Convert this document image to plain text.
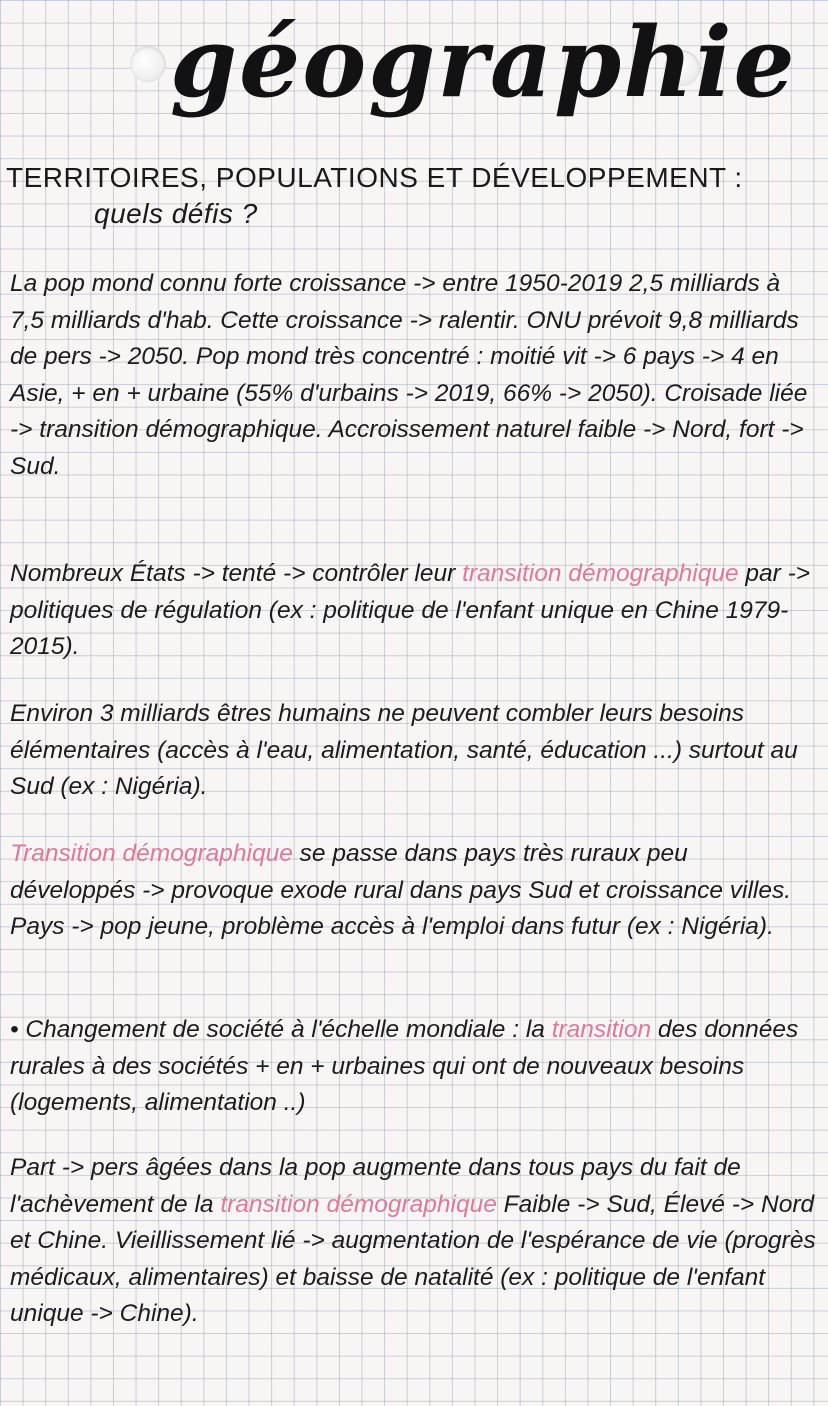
géographie
TERRITOIRES, POPULATIONS ET DÉVELOPPEMENT :
quels défis ?

La pop mond connu forte croissance -> entre 1950-2019 2,5 milliards à 7,5 milliards d'hab. Cette croissance -> ralentir. ONU prévoit 9,8 milliards de pers -> 2050. Pop mond très concentré : moitié vit -> 6 pays -> 4 en Asie, + en + urbaine (55% d'urbains -> 2019, 66% -> 2050). Croisade liée -> transition démographique. Accroissement naturel faible -> Nord, fort -> Sud.

Nombreux États -> tenté -> contrôler leur transition démographique par -> politiques de régulation (ex : politique de l'enfant unique en Chine 1979-2015).

Environ 3 milliards êtres humains ne peuvent combler leurs besoins élémentaires (accès à l'eau, alimentation, santé, éducation ...) surtout au Sud (ex : Nigéria).

Transition démographique se passe dans pays très ruraux peu développés -> provoque exode rural dans pays Sud et croissance villes. Pays -> pop jeune, problème accès à l'emploi dans futur (ex : Nigéria).

• Changement de société à l'échelle mondiale : la transition des données rurales à des sociétés + en + urbaines qui ont de nouveaux besoins (logements, alimentation ..)

Part -> pers âgées dans la pop augmente dans tous pays du fait de l'achèvement de la transition démographique Faible -> Sud, Élevé -> Nord et Chine. Vieillissement lié -> augmentation de l'espérance de vie (progrès médicaux, alimentaires) et baisse de natalité (ex : politique de l'enfant unique -> Chine).
